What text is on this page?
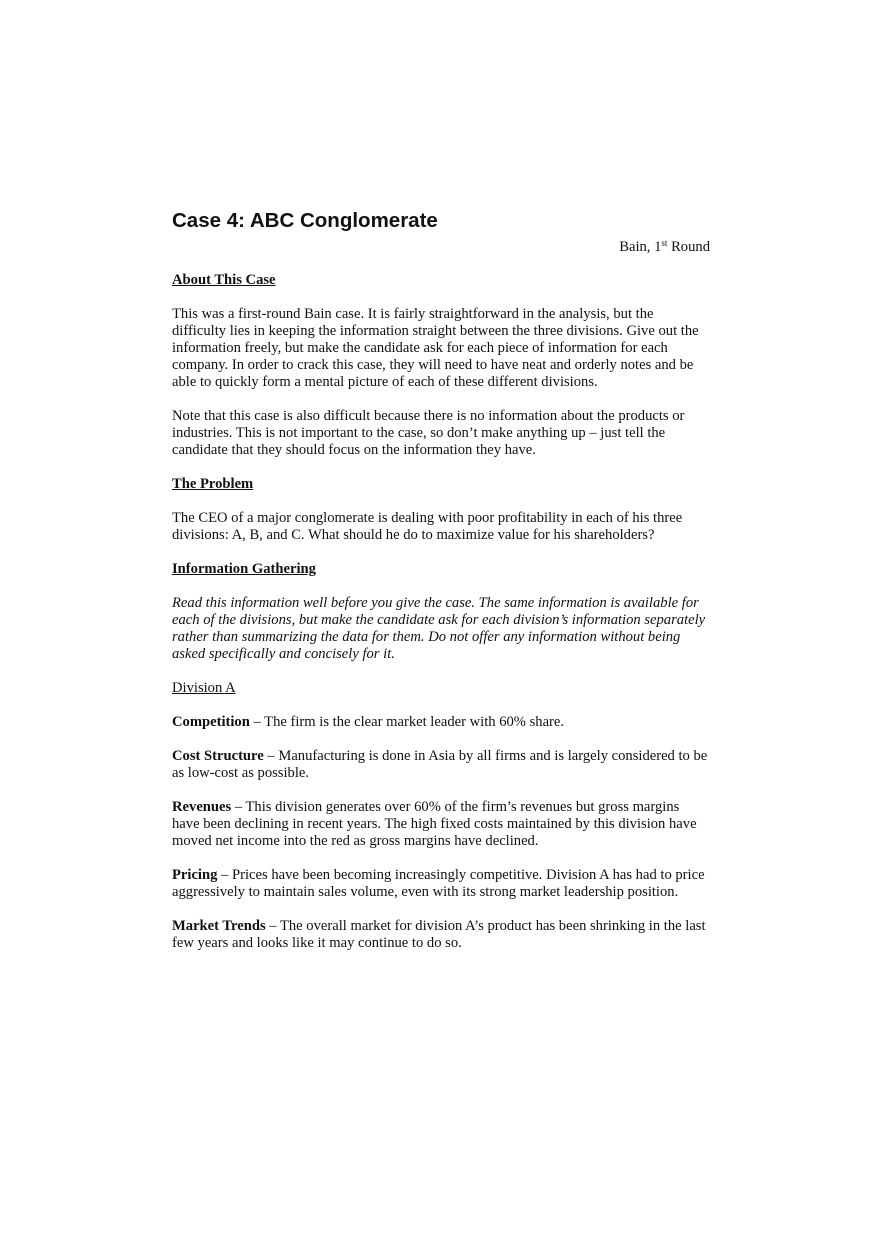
Case 4: ABC Conglomerate

Bain, 1st Round

About This Case

This was a first-round Bain case. It is fairly straightforward in the analysis, but the difficulty lies in keeping the information straight between the three divisions. Give out the information freely, but make the candidate ask for each piece of information for each company. In order to crack this case, they will need to have neat and orderly notes and be able to quickly form a mental picture of each of these different divisions.

Note that this case is also difficult because there is no information about the products or industries. This is not important to the case, so don’t make anything up – just tell the candidate that they should focus on the information they have.

The Problem

The CEO of a major conglomerate is dealing with poor profitability in each of his three divisions: A, B, and C. What should he do to maximize value for his shareholders?

Information Gathering

Read this information well before you give the case. The same information is available for each of the divisions, but make the candidate ask for each division’s information separately rather than summarizing the data for them. Do not offer any information without being asked specifically and concisely for it.

Division A

Competition – The firm is the clear market leader with 60% share.

Cost Structure – Manufacturing is done in Asia by all firms and is largely considered to be as low-cost as possible.

Revenues – This division generates over 60% of the firm’s revenues but gross margins have been declining in recent years. The high fixed costs maintained by this division have moved net income into the red as gross margins have declined.

Pricing – Prices have been becoming increasingly competitive. Division A has had to price aggressively to maintain sales volume, even with its strong market leadership position.

Market Trends – The overall market for division A’s product has been shrinking in the last few years and looks like it may continue to do so.
